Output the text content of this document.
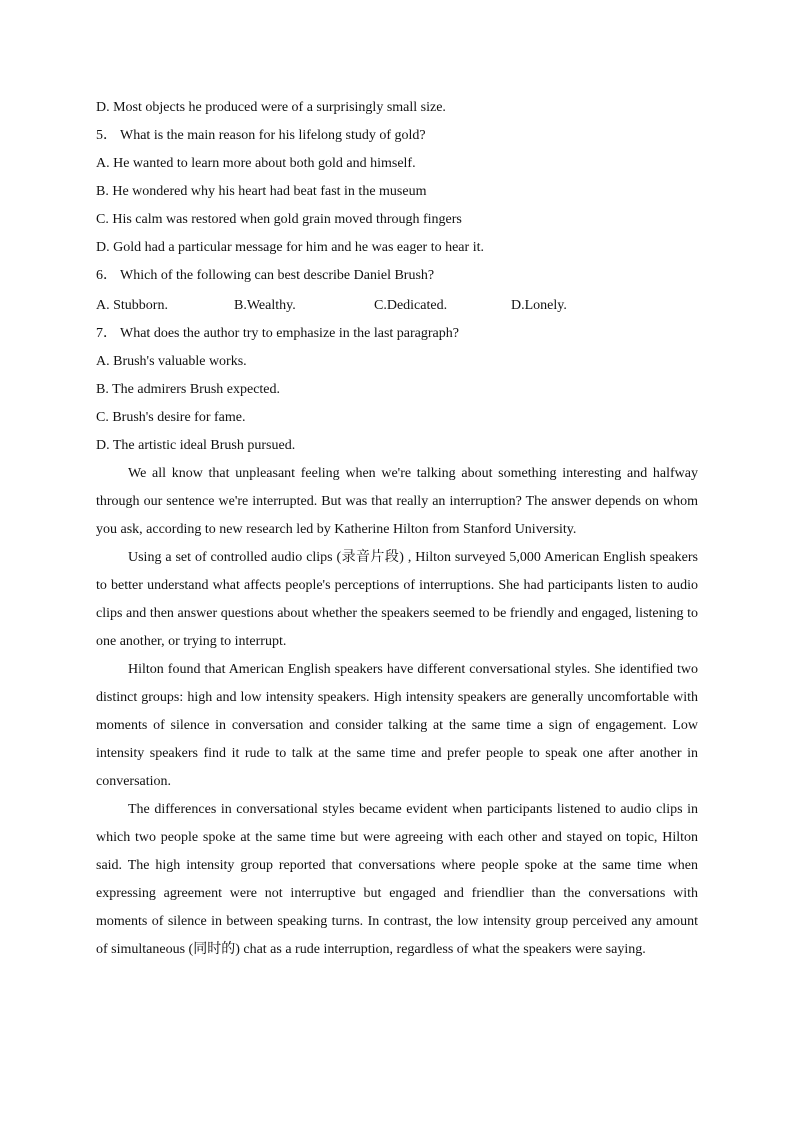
D. Most objects he produced were of a surprisingly small size.
5． What is the main reason for his lifelong study of gold?
A. He wanted to learn more about both gold and himself.
B. He wondered why his heart had beat fast in the museum
C. His calm was restored when gold grain moved through fingers
D. Gold had a particular message for him and he was eager to hear it.
6． Which of the following can best describe Daniel Brush?
A. Stubborn.	B.Wealthy.	C.Dedicated.	D.Lonely.
7． What does the author try to emphasize in the last paragraph?
A. Brush's valuable works.
B. The admirers Brush expected.
C. Brush's desire for fame.
D. The artistic ideal Brush pursued.

We all know that unpleasant feeling when we're talking about something interesting and halfway through our sentence we're interrupted. But was that really an interruption? The answer depends on whom you ask, according to new research led by Katherine Hilton from Stanford University.

Using a set of controlled audio clips (录音片段) , Hilton surveyed 5,000 American English speakers to better understand what affects people's perceptions of interruptions. She had participants listen to audio clips and then answer questions about whether the speakers seemed to be friendly and engaged, listening to one another, or trying to interrupt.

Hilton found that American English speakers have different conversational styles. She identified two distinct groups: high and low intensity speakers. High intensity speakers are generally uncomfortable with moments of silence in conversation and consider talking at the same time a sign of engagement. Low intensity speakers find it rude to talk at the same time and prefer people to speak one after another in conversation.

The differences in conversational styles became evident when participants listened to audio clips in which two people spoke at the same time but were agreeing with each other and stayed on topic, Hilton said. The high intensity group reported that conversations where people spoke at the same time when expressing agreement were not interruptive but engaged and friendlier than the conversations with moments of silence in between speaking turns. In contrast, the low intensity group perceived any amount of simultaneous (同时的) chat as a rude interruption, regardless of what the speakers were saying.
